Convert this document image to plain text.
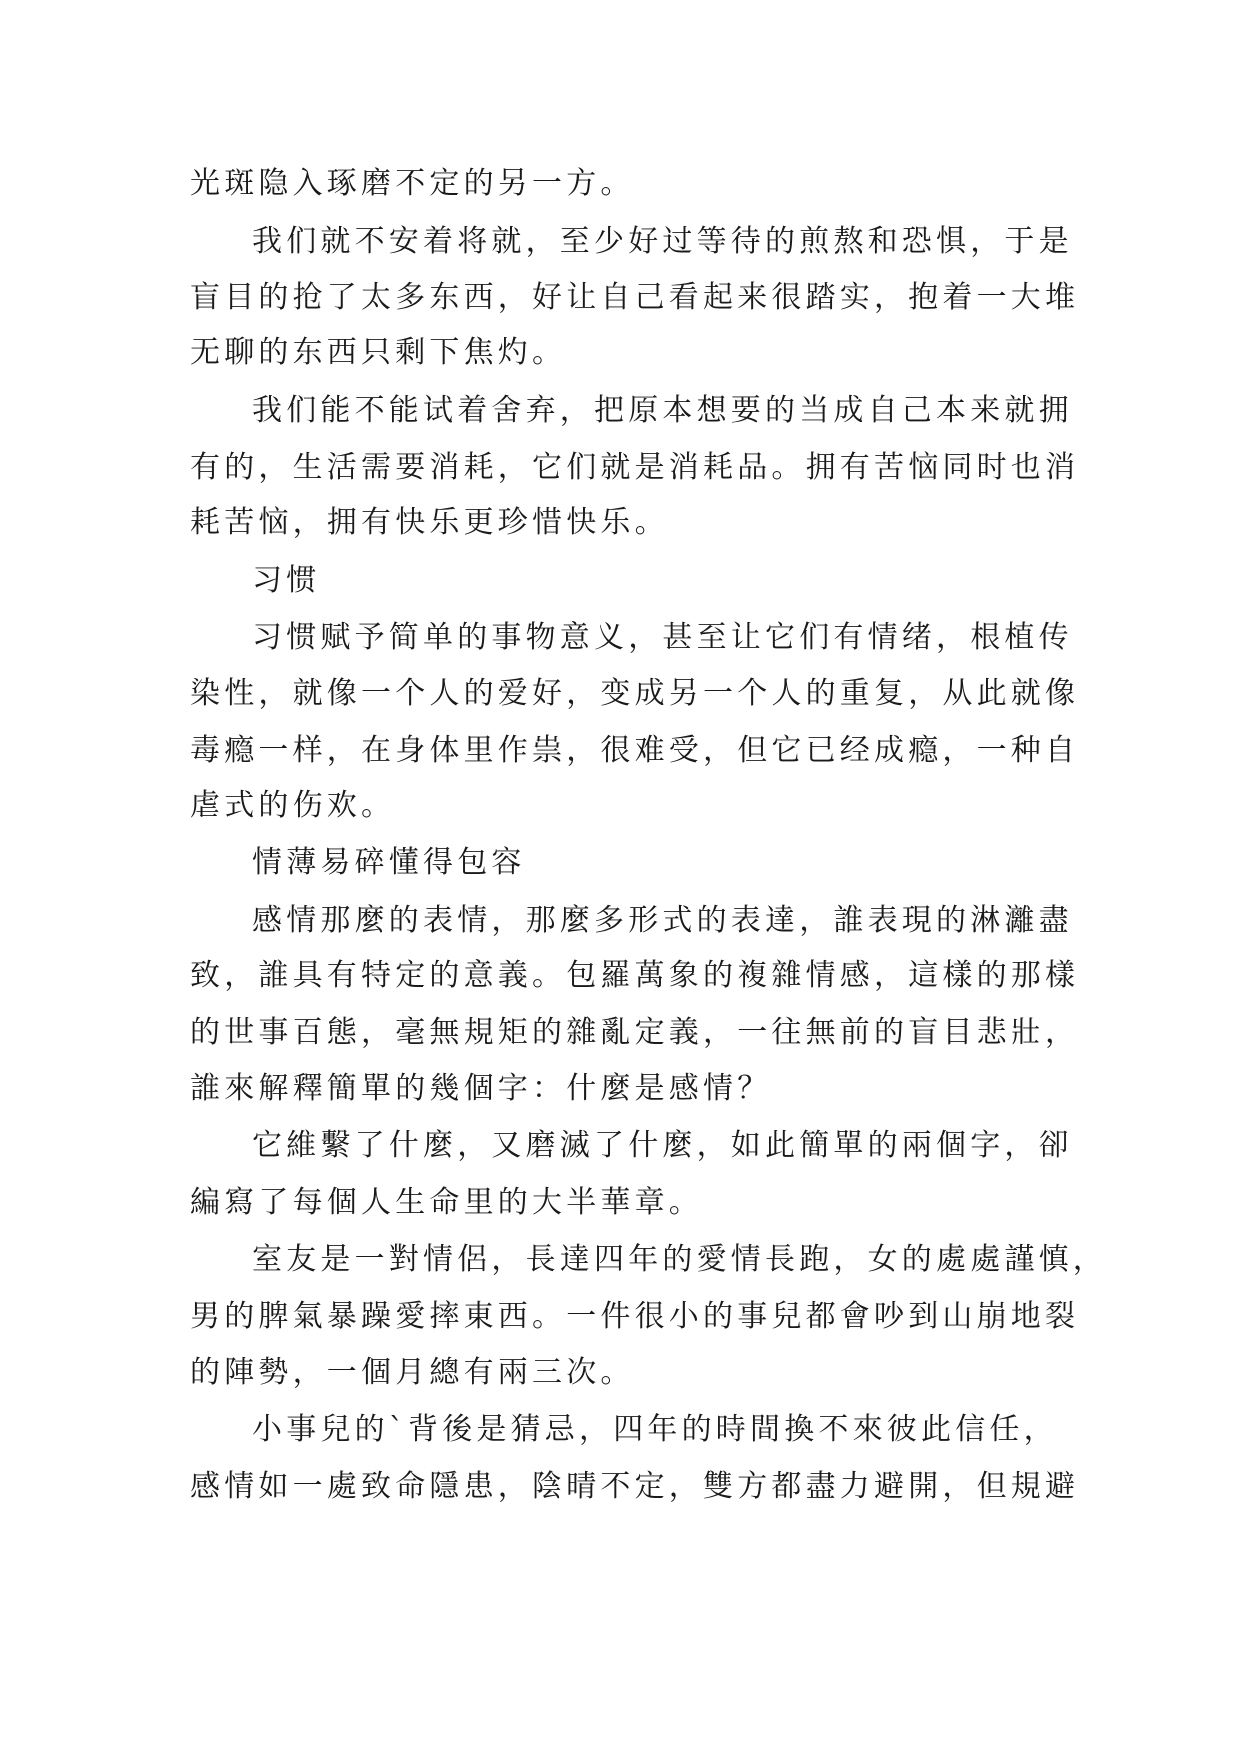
光斑隐入琢磨不定的另一方。
我们就不安着将就，至少好过等待的煎熬和恐惧，于是
盲目的抢了太多东西，好让自己看起来很踏实，抱着一大堆
无聊的东西只剩下焦灼。
我们能不能试着舍弃，把原本想要的当成自己本来就拥
有的，生活需要消耗，它们就是消耗品。拥有苦恼同时也消
耗苦恼，拥有快乐更珍惜快乐。
习惯
习惯赋予简单的事物意义，甚至让它们有情绪，根植传
染性，就像一个人的爱好，变成另一个人的重复，从此就像
毒瘾一样，在身体里作祟，很难受，但它已经成瘾，一种自
虐式的伤欢。
情薄易碎懂得包容
感情那麼的表情，那麼多形式的表達，誰表現的淋灕盡
致，誰具有特定的意義。包羅萬象的複雜情感，這樣的那樣
的世事百態，毫無規矩的雜亂定義，一往無前的盲目悲壯，
誰來解釋簡單的幾個字：什麼是感情？
它維繫了什麼，又磨滅了什麼，如此簡單的兩個字，卻
編寫了每個人生命里的大半華章。
室友是一對情侶，長達四年的愛情長跑，女的處處謹慎，
男的脾氣暴躁愛摔東西。一件很小的事兒都會吵到山崩地裂
的陣勢，一個月總有兩三次。
小事兒的`背後是猜忌，四年的時間換不來彼此信任，
感情如一處致命隱患，陰晴不定，雙方都盡力避開，但規避
